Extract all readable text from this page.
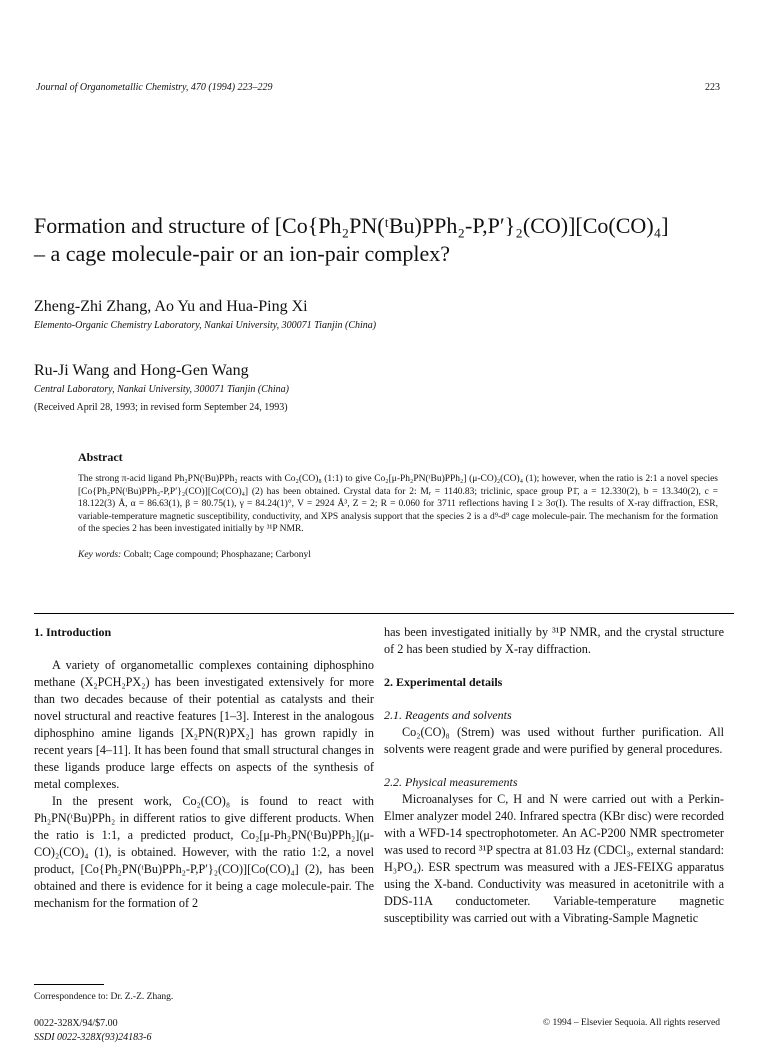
Journal of Organometallic Chemistry, 470 (1994) 223–229	223
Formation and structure of [Co{Ph₂PN(ᵗBu)PPh₂-P,P′}₂(CO)][Co(CO)₄]
– a cage molecule-pair or an ion-pair complex?
Zheng-Zhi Zhang, Ao Yu and Hua-Ping Xi
Elemento-Organic Chemistry Laboratory, Nankai University, 300071 Tianjin (China)
Ru-Ji Wang and Hong-Gen Wang
Central Laboratory, Nankai University, 300071 Tianjin (China)
(Received April 28, 1993; in revised form September 24, 1993)
Abstract
The strong π-acid ligand Ph₂PN(ᵗBu)PPh₂ reacts with Co₂(CO)₈ (1:1) to give Co₂[μ-Ph₂PN(ᵗBu)PPh₂] (μ-CO)₂(CO)₄ (1); however, when the ratio is 2:1 a novel species [Co{Ph₂PN(ᵗBu)PPh₂-P,P′}₂(CO)][Co(CO)₄] (2) has been obtained. Crystal data for 2: Mᵣ = 1140.83; triclinic, space group P1̄, a = 12.330(2), b = 13.340(2), c = 18.122(3) Å, α = 86.63(1), β = 80.75(1), γ = 84.24(1)°, V = 2924 Å³, Z = 2; R = 0.060 for 3711 reflections having I ≥ 3σ(I). The results of X-ray diffraction, ESR, variable-temperature magnetic susceptibility, conductivity, and XPS analysis support that the species 2 is a d⁹-d⁹ cage molecule-pair. The mechanism for the formation of the species 2 has been investigated initially by ³¹P NMR.
Key words: Cobalt; Cage compound; Phosphazane; Carbonyl
1. Introduction

A variety of organometallic complexes containing diphosphino methane (X₂PCH₂PX₂) has been investigated extensively for more than two decades because of their potential as catalysts and their novel structural and reactive features [1–3]. Interest in the analogous diphosphino amine ligands [X₂PN(R)PX₂] has grown rapidly in recent years [4–11]. It has been found that small structural changes in these ligands produce large effects on aspects of the synthesis of metal complexes.

In the present work, Co₂(CO)₈ is found to react with Ph₂PN(ᵗBu)PPh₂ in different ratios to give different products. When the ratio is 1:1, a predicted product, Co₂[μ-Ph₂PN(ᵗBu)PPh₂](μ-CO)₂(CO)₄ (1), is obtained. However, with the ratio 1:2, a novel product, [Co{Ph₂PN(ᵗBu)PPh₂-P,P′}₂(CO)][Co(CO)₄] (2), has been obtained and there is evidence for it being a cage molecule-pair. The mechanism for the formation of 2

has been investigated initially by ³¹P NMR, and the crystal structure of 2 has been studied by X-ray diffraction.

2. Experimental details
2.1. Reagents and solvents

Co₂(CO)₈ (Strem) was used without further purification. All solvents were reagent grade and were purified by general procedures.

2.2. Physical measurements

Microanalyses for C, H and N were carried out with a Perkin-Elmer analyzer model 240. Infrared spectra (KBr disc) were recorded with a WFD-14 spectrophotometer. An AC-P200 NMR spectrometer was used to record ³¹P spectra at 81.03 Hz (CDCl₃, external standard: H₃PO₄). ESR spectrum was measured with a JES-FEIXG apparatus using the X-band. Conductivity was measured in acetonitrile with a DDS-11A conductometer. Variable-temperature magnetic susceptibility was carried out with a Vibrating-Sample Magnetic

Correspondence to: Dr. Z.-Z. Zhang.
0022-328X/94/$7.00
SSDI 0022-328X(93)24183-6
© 1994 – Elsevier Sequoia. All rights reserved
